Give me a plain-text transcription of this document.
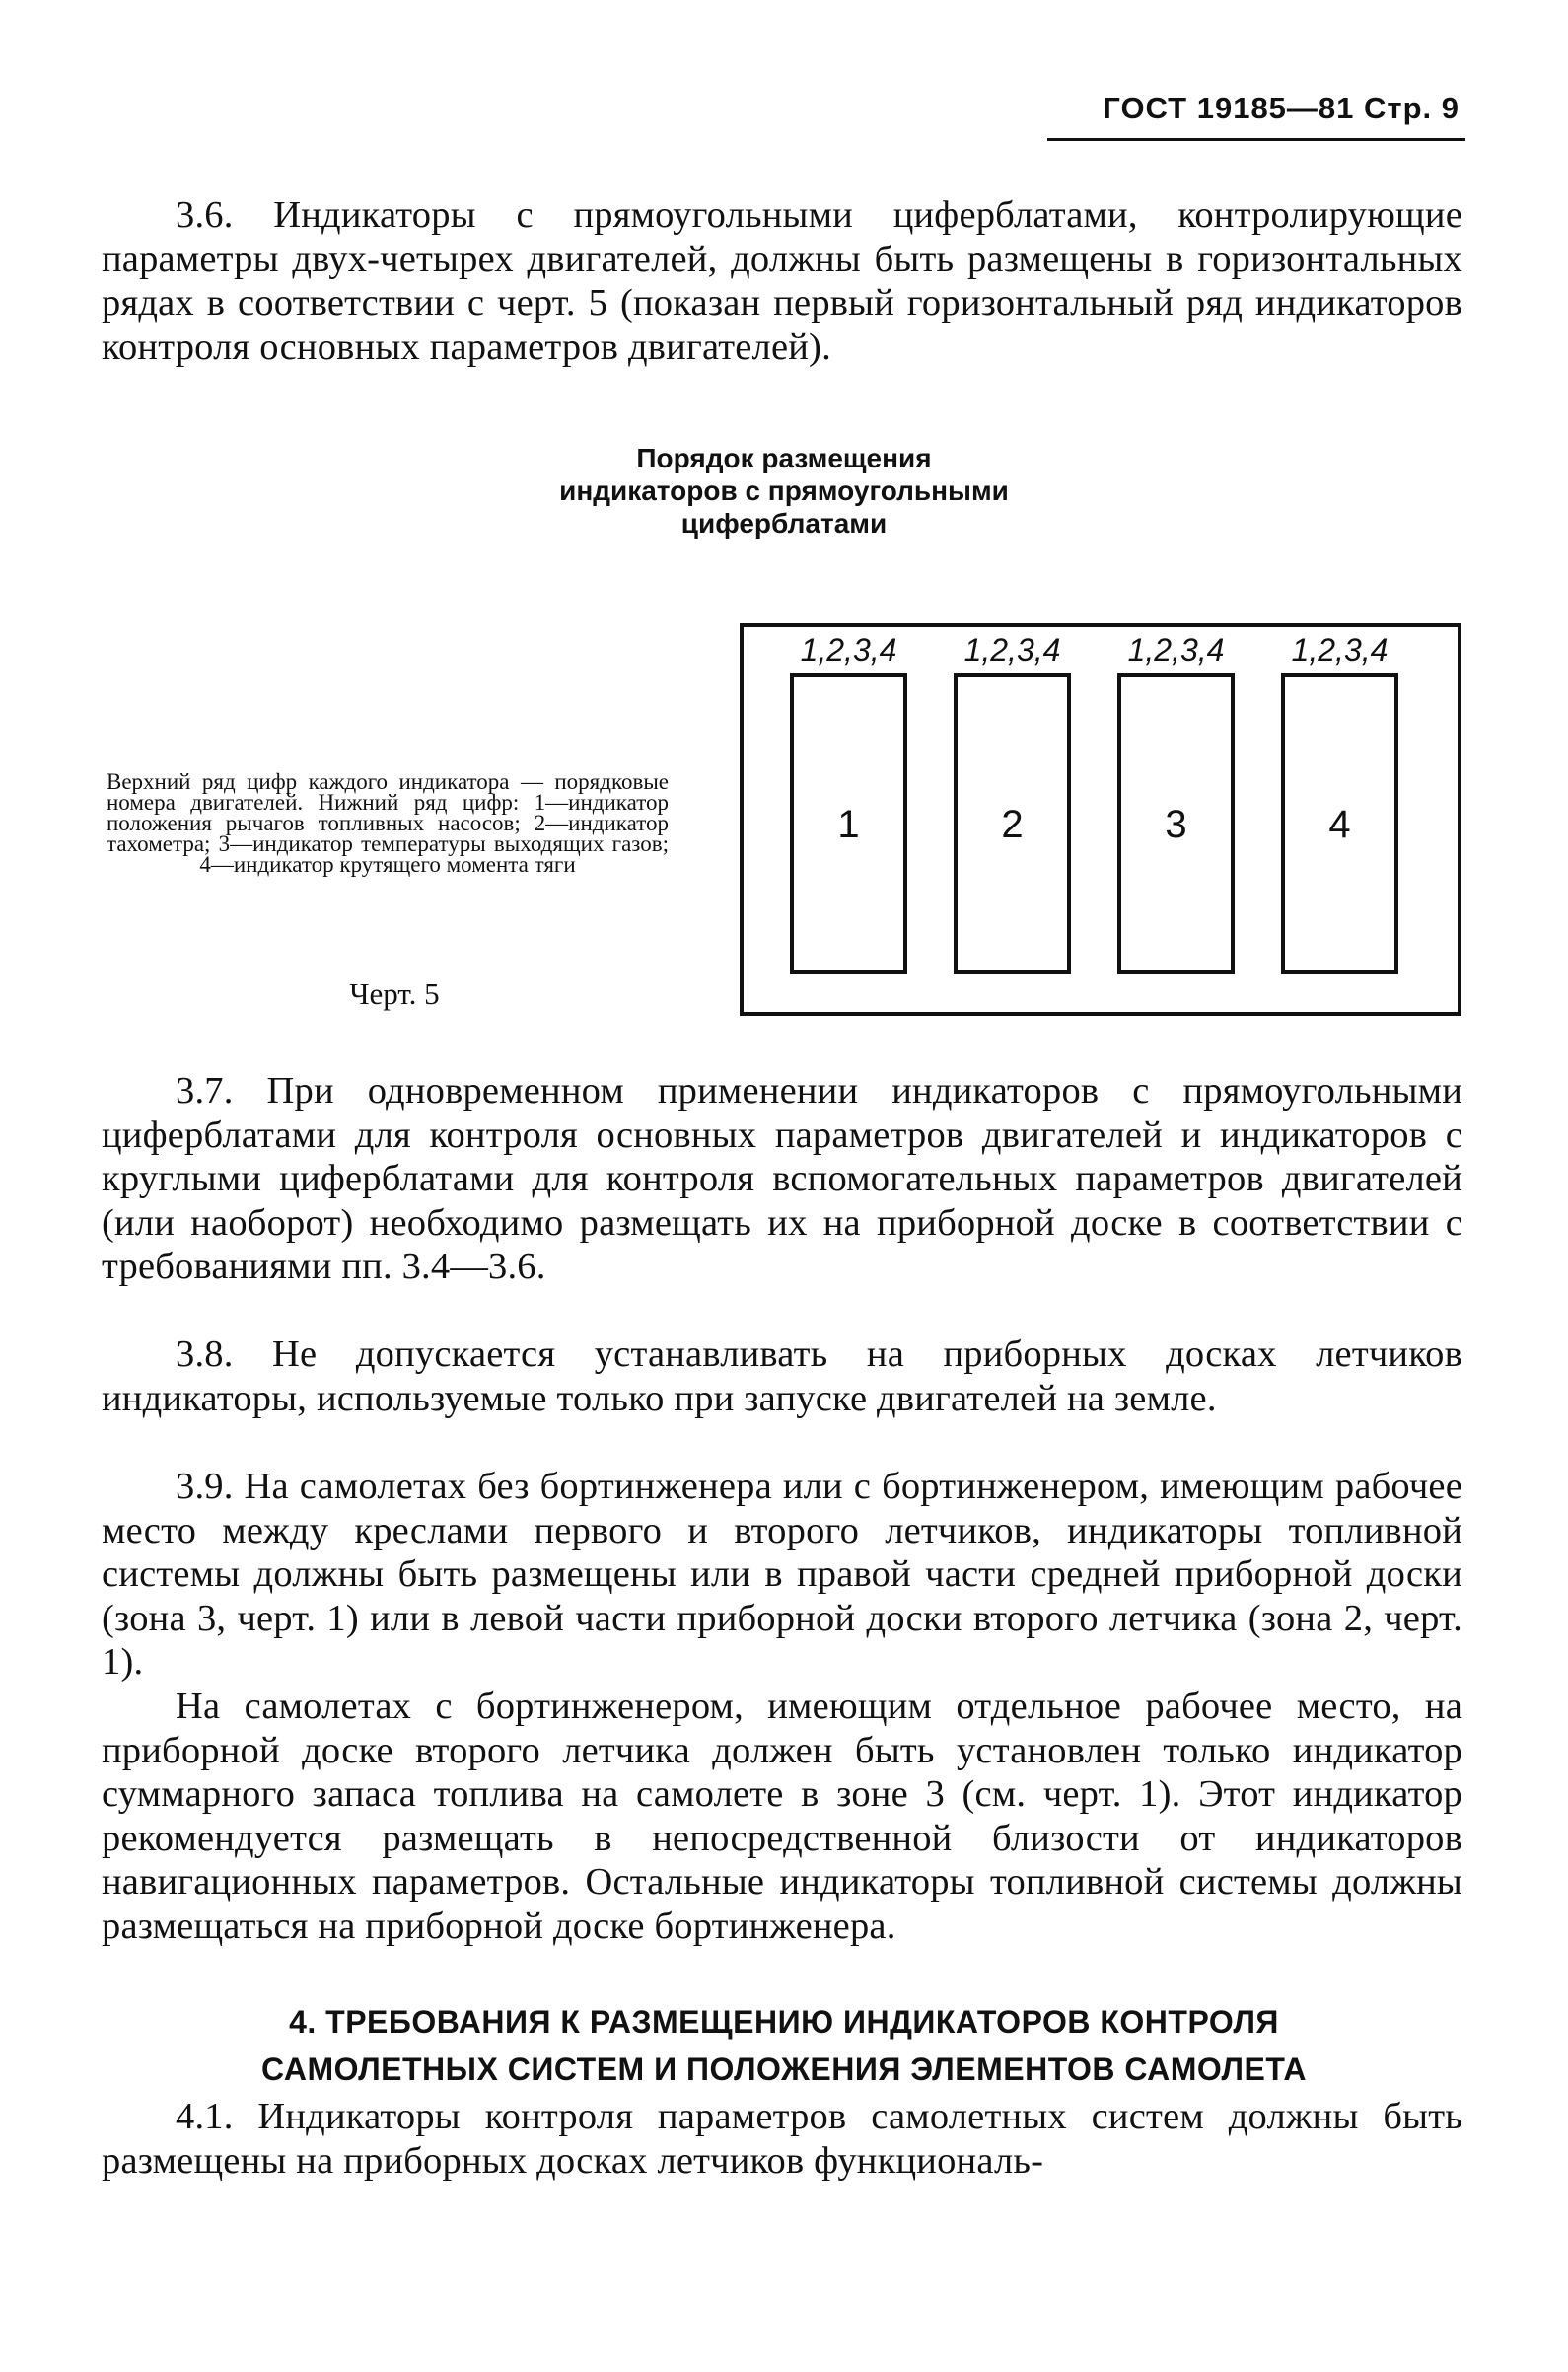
ГОСТ 19185—81 Стр. 9

3.6. Индикаторы с прямоугольными циферблатами, контролирующие параметры двух-четырех двигателей, должны быть размещены в горизонтальных рядах в соответствии с черт. 5 (показан первый горизонтальный ряд индикаторов контроля основных параметров двигателей).

Порядок размещения
индикаторов с прямоугольными
циферблатами

Верхний ряд цифр каждого индикатора — порядковые номера двигателей. Нижний ряд цифр: 1—индикатор положения рычагов топливных насосов; 2—индикатор тахометра; 3—индикатор температуры выходящих газов; 4—индикатор крутящего момента тяги

Черт. 5
1,2,3,4
1
1,2,3,4
2
1,2,3,4
3
1,2,3,4
4

3.7. При одновременном применении индикаторов с прямоугольными циферблатами для контроля основных параметров двигателей и индикаторов с круглыми циферблатами для контроля вспомогательных параметров двигателей (или наоборот) необходимо размещать их на приборной доске в соответствии с требованиями пп. 3.4—3.6.

3.8. Не допускается устанавливать на приборных досках летчиков индикаторы, используемые только при запуске двигателей на земле.

3.9. На самолетах без бортинженера или с бортинженером, имеющим рабочее место между креслами первого и второго летчиков, индикаторы топливной системы должны быть размещены или в правой части средней приборной доски (зона 3, черт. 1) или в левой части приборной доски второго летчика (зона 2, черт. 1).

На самолетах с бортинженером, имеющим отдельное рабочее место, на приборной доске второго летчика должен быть установлен только индикатор суммарного запаса топлива на самолете в зоне 3 (см. черт. 1). Этот индикатор рекомендуется размещать в непосредственной близости от индикаторов навигационных параметров. Остальные индикаторы топливной системы должны размещаться на приборной доске бортинженера.

4. ТРЕБОВАНИЯ К РАЗМЕЩЕНИЮ ИНДИКАТОРОВ КОНТРОЛЯ
САМОЛЕТНЫХ СИСТЕМ И ПОЛОЖЕНИЯ ЭЛЕМЕНТОВ САМОЛЕТА

4.1. Индикаторы контроля параметров самолетных систем должны быть размещены на приборных досках летчиков функциональ-
